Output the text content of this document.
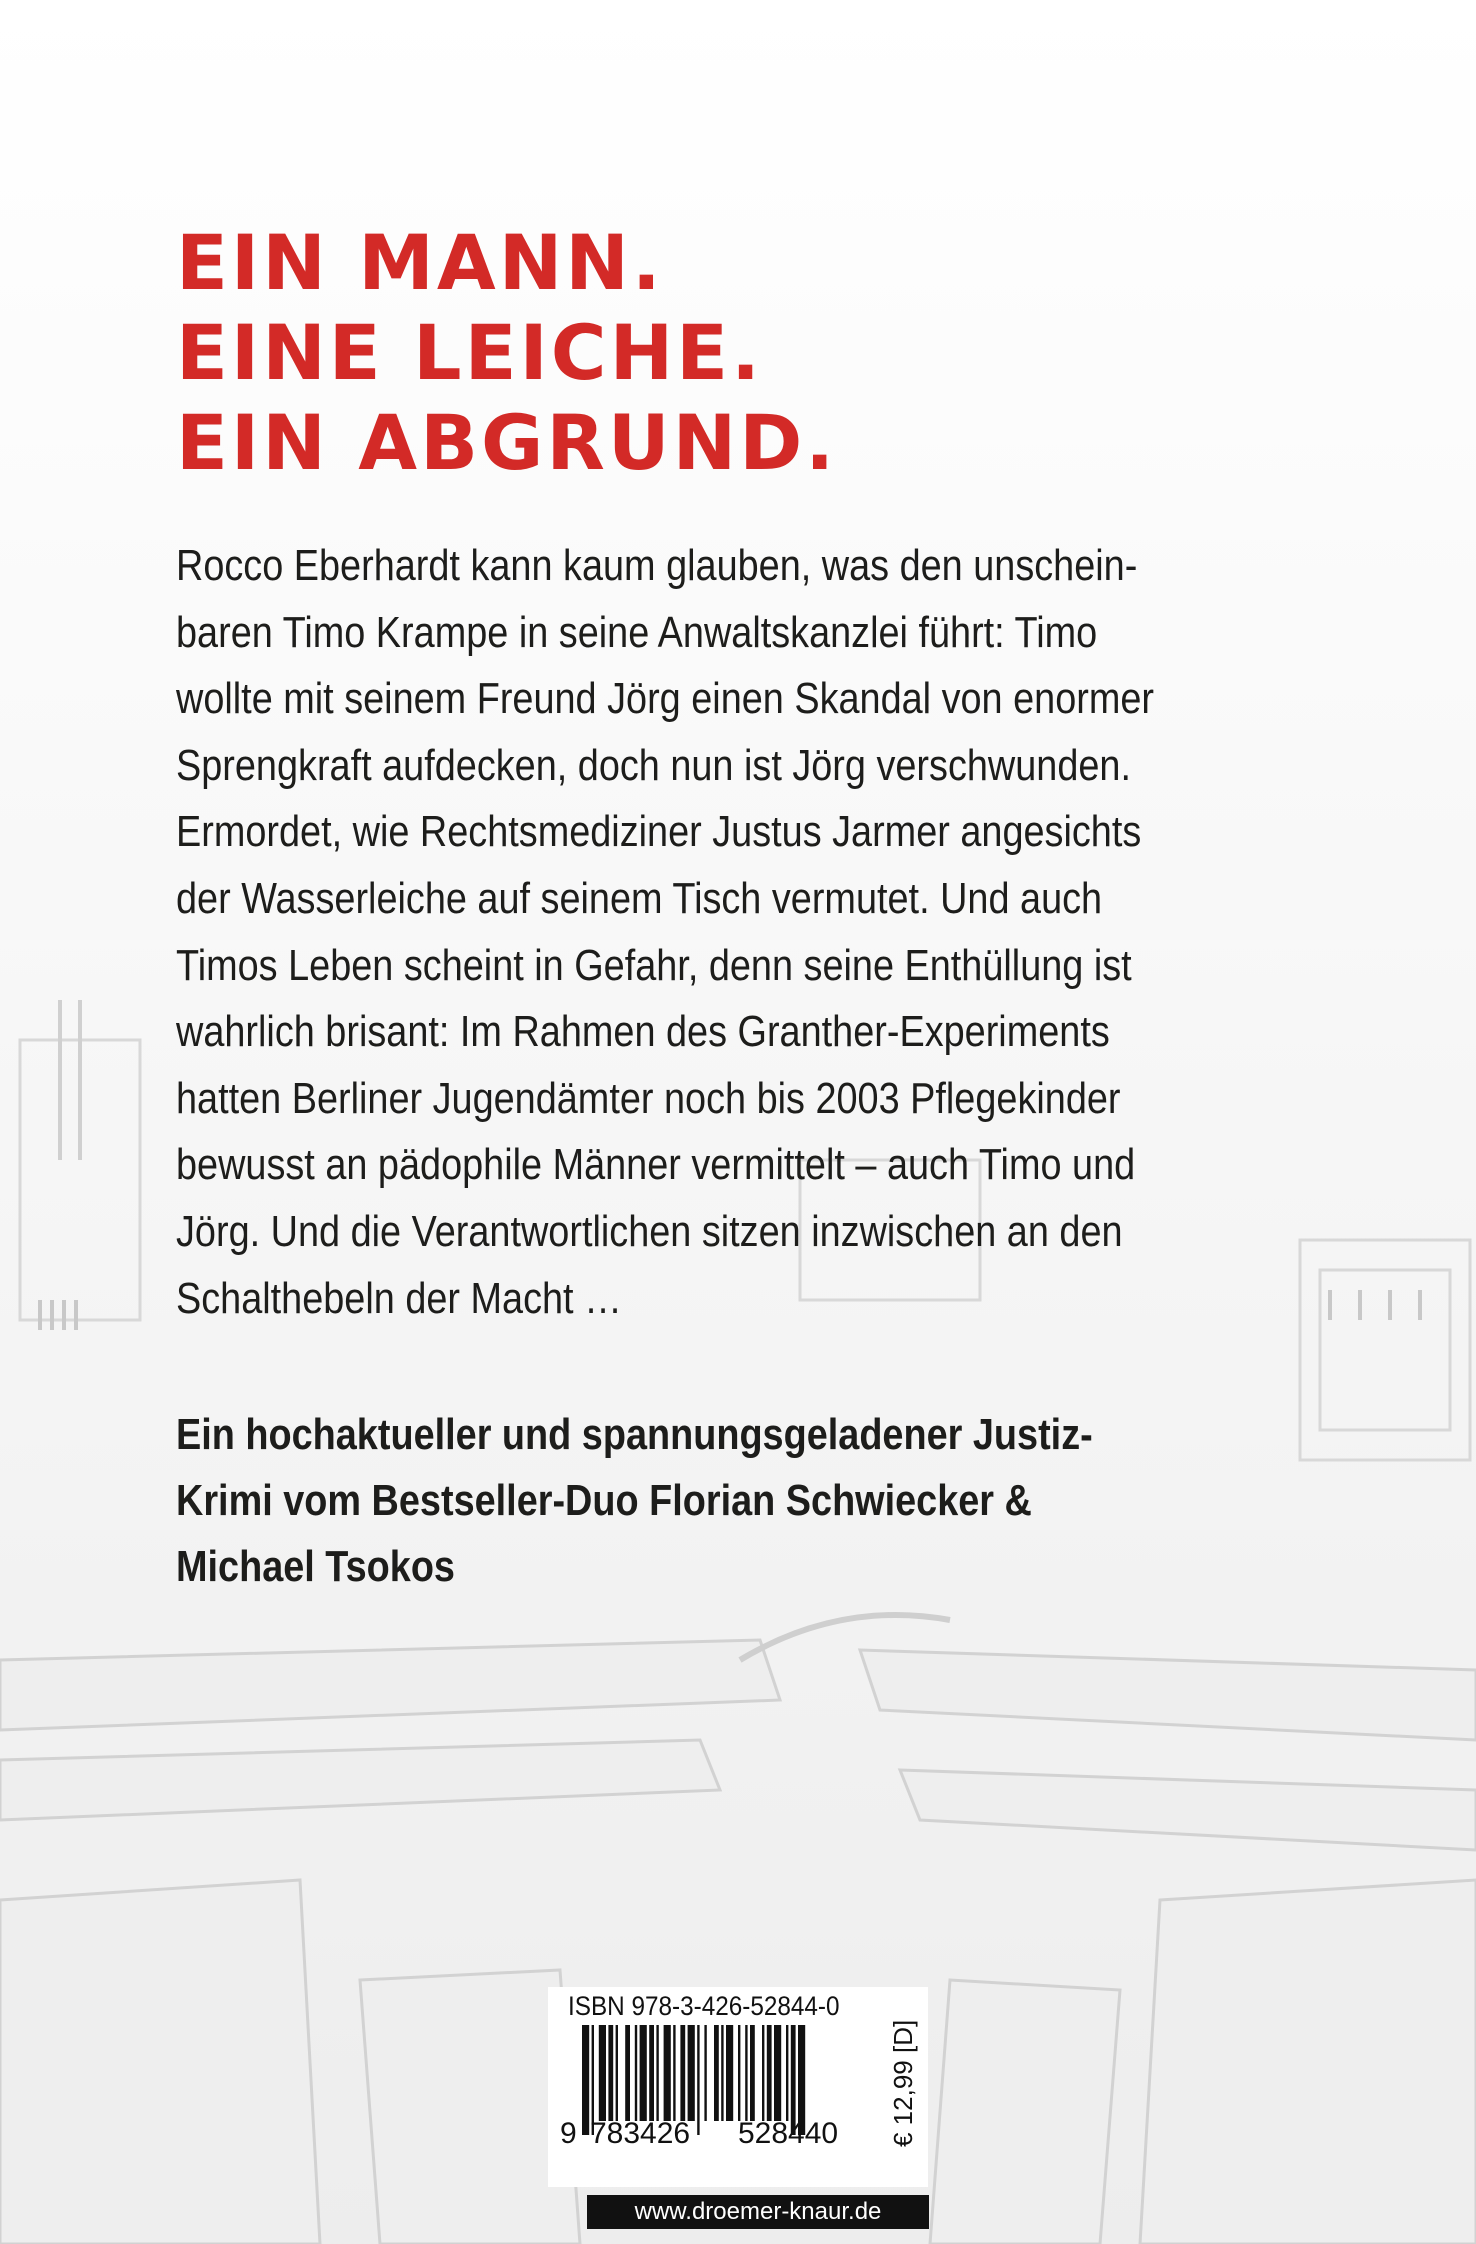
EIN MANN.
EINE LEICHE.
EIN ABGRUND.

Rocco Eberhardt kann kaum glauben, was den unschein-
baren Timo Krampe in seine Anwaltskanzlei führt: Timo
wollte mit seinem Freund Jörg einen Skandal von enormer
Sprengkraft aufdecken, doch nun ist Jörg verschwunden.
Ermordet, wie Rechtsmediziner Justus Jarmer angesichts
der Wasserleiche auf seinem Tisch vermutet. Und auch
Timos Leben scheint in Gefahr, denn seine Enthüllung ist
wahrlich brisant: Im Rahmen des Granther-Experiments
hatten Berliner Jugendämter noch bis 2003 Pflegekinder
bewusst an pädophile Männer vermittelt – auch Timo und
Jörg. Und die Verantwortlichen sitzen inzwischen an den
Schalthebeln der Macht …

Ein hochaktueller und spannungsgeladener Justiz-
Krimi vom Bestseller-Duo Florian Schwiecker &
Michael Tsokos

ISBN 978-3-426-52844-0
9 783426 528440 € 12,99 [D]
www.droemer-knaur.de
